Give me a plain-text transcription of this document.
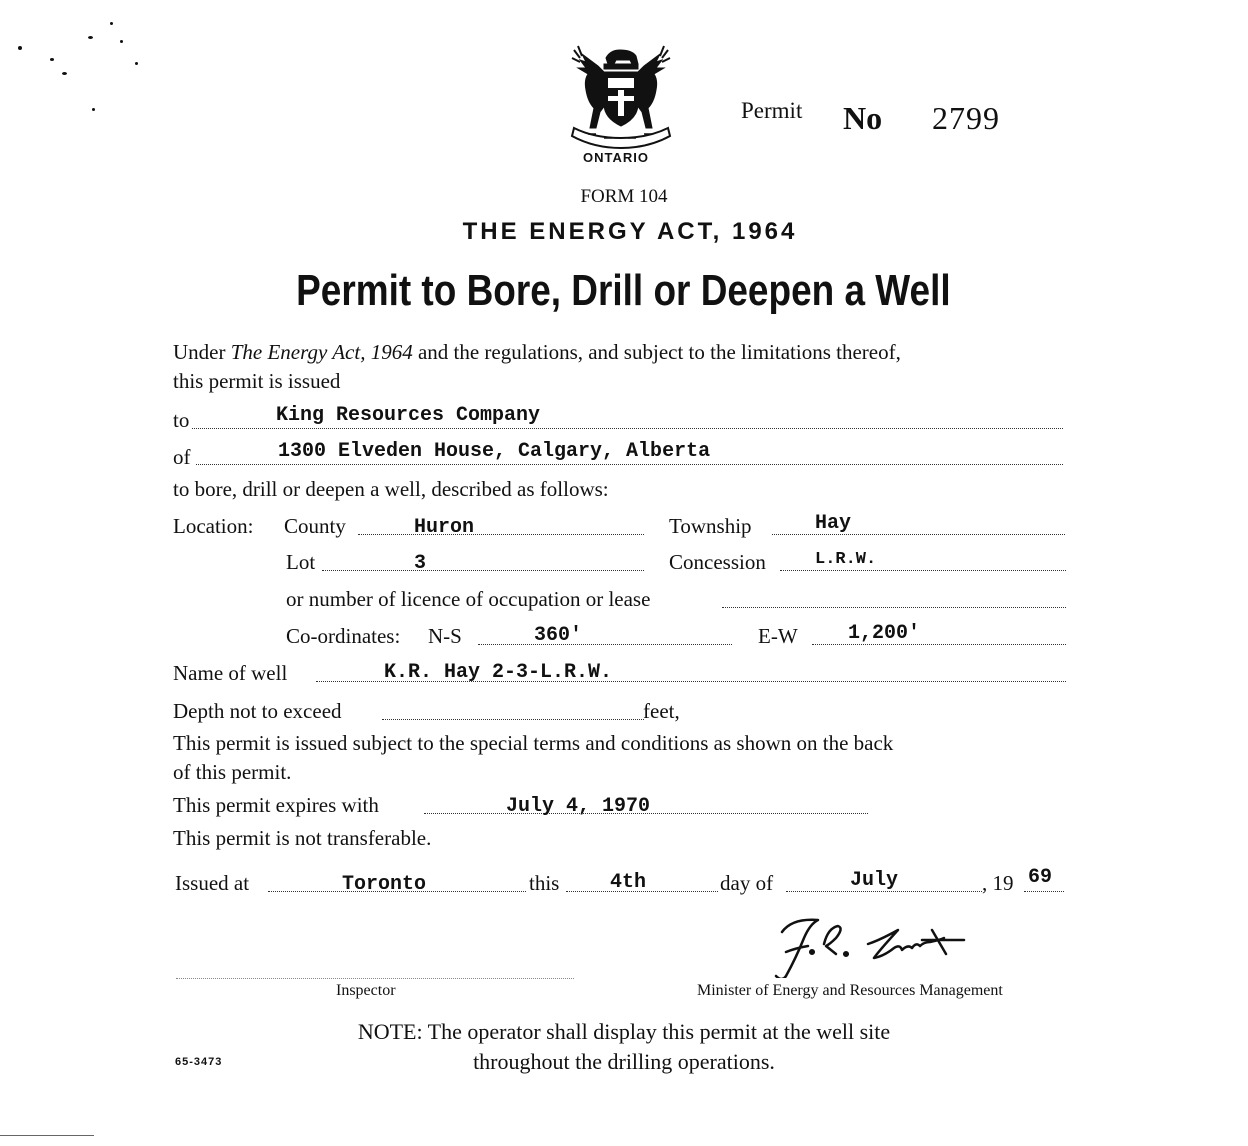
ONTARIO
Permit No 2799
FORM 104
THE ENERGY ACT, 1964
Permit to Bore, Drill or Deepen a Well
Under The Energy Act, 1964 and the regulations, and subject to the limitations thereof,
this permit is issued
to	King Resources Company
of	1300 Elveden House, Calgary, Alberta
to bore, drill or deepen a well, described as follows:
Location: County	Huron	Township	Hay
Lot	3	Concession	L.R.W.
or number of licence of occupation or lease
Co-ordinates: N-S	360'	E-W	1,200'
Name of well	K.R. Hay 2-3-L.R.W.
Depth not to exceed	feet,
This permit is issued subject to the special terms and conditions as shown on the back
of this permit.
This permit expires with	July 4, 1970
This permit is not transferable.
Issued at	Toronto	this	4th	day of	July	, 19 69
Inspector	Minister of Energy and Resources Management
NOTE: The operator shall display this permit at the well site
throughout the drilling operations.
65-3473
